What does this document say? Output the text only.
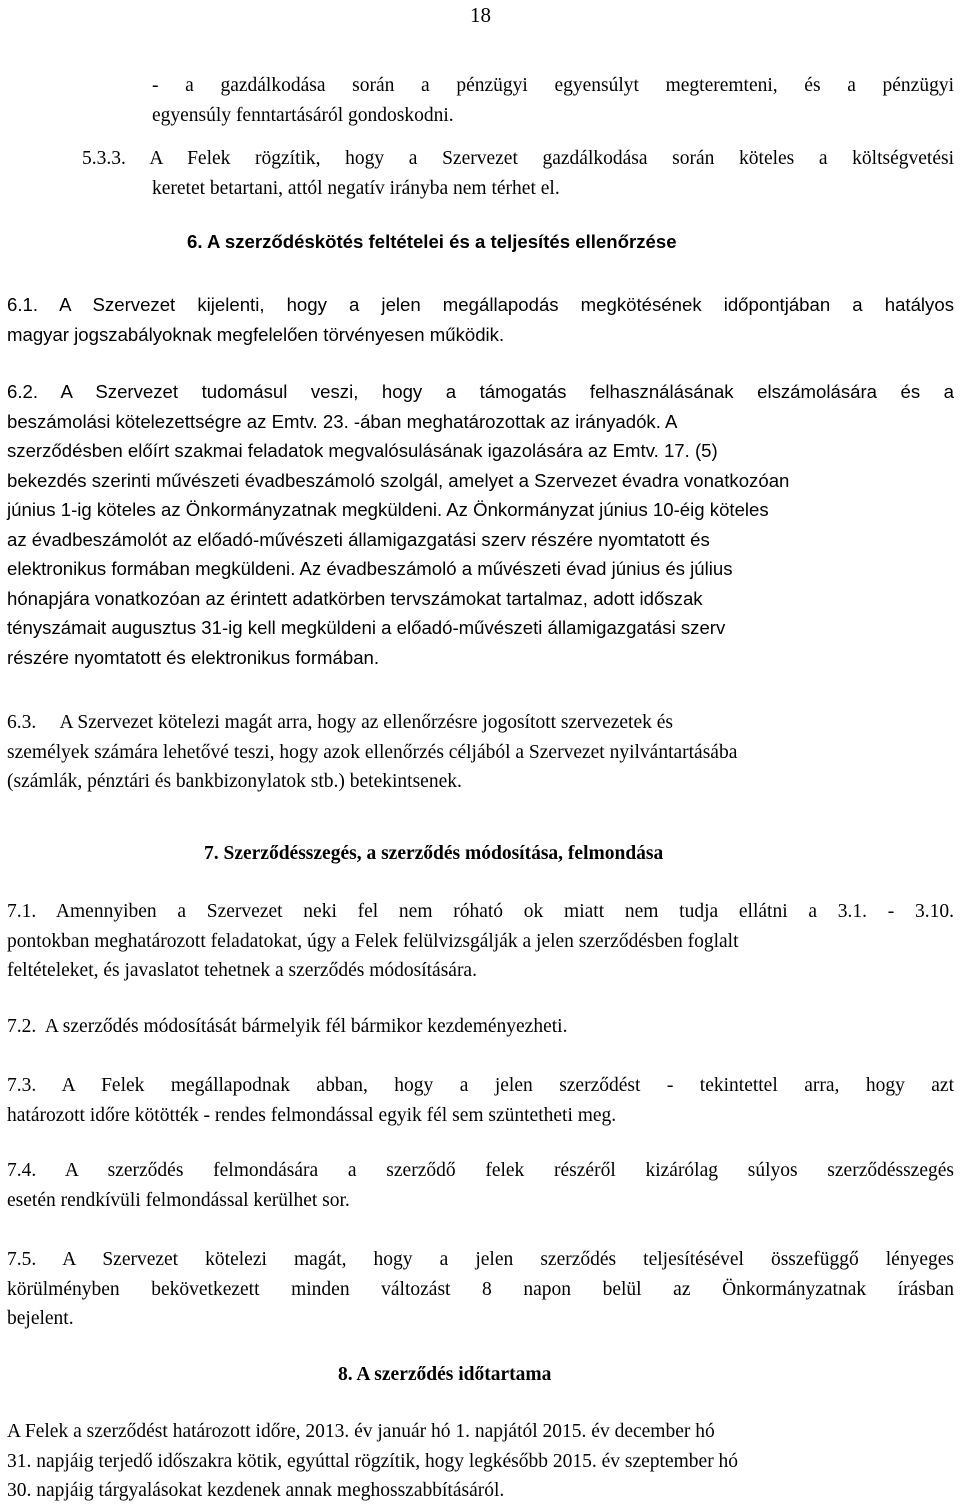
18
- a gazdálkodása során a pénzügyi egyensúlyt megteremteni, és a pénzügyi
egyensúly fenntartásáról gondoskodni.
5.3.3. A Felek rögzítik, hogy a Szervezet gazdálkodása során köteles a költségvetési
keretet betartani, attól negatív irányba nem térhet el.
6. A szerződéskötés feltételei és a teljesítés ellenőrzése
6.1. A Szervezet kijelenti, hogy a jelen megállapodás megkötésének időpontjában a hatályos
magyar jogszabályoknak megfelelően törvényesen működik.
6.2. A Szervezet tudomásul veszi, hogy a támogatás felhasználásának elszámolására és a
beszámolási kötelezettségre az Emtv. 23. -ában meghatározottak az irányadók. A
szerződésben előírt szakmai feladatok megvalósulásának igazolására az Emtv. 17. (5)
bekezdés szerinti művészeti évadbeszámoló szolgál, amelyet a Szervezet évadra vonatkozóan
június 1-ig köteles az Önkormányzatnak megküldeni. Az Önkormányzat június 10-éig köteles
az évadbeszámolót az előadó-művészeti államigazgatási szerv részére nyomtatott és
elektronikus formában megküldeni. Az évadbeszámoló a művészeti évad június és július
hónapjára vonatkozóan az érintett adatkörben tervszámokat tartalmaz, adott időszak
tényszámait augusztus 31-ig kell megküldeni a előadó-művészeti államigazgatási szerv
részére nyomtatott és elektronikus formában.
6.3.     A Szervezet kötelezi magát arra, hogy az ellenőrzésre jogosított szervezetek és
személyek számára lehetővé teszi, hogy azok ellenőrzés céljából a Szervezet nyilvántartásába
(számlák, pénztári és bankbizonylatok stb.) betekintsenek.
7. Szerződésszegés, a szerződés módosítása, felmondása
7.1. Amennyiben a Szervezet neki fel nem róható ok miatt nem tudja ellátni a 3.1. - 3.10.
pontokban meghatározott feladatokat, úgy a Felek felülvizsgálják a jelen szerződésben foglalt
feltételeket, és javaslatot tehetnek a szerződés módosítására.
7.2.  A szerződés módosítását bármelyik fél bármikor kezdeményezheti.
7.3. A Felek megállapodnak abban, hogy a jelen szerződést - tekintettel arra, hogy azt
határozott időre kötötték - rendes felmondással egyik fél sem szüntetheti meg.
7.4. A szerződés felmondására a szerződő felek részéről kizárólag súlyos szerződésszegés
esetén rendkívüli felmondással kerülhet sor.
7.5. A Szervezet kötelezi magát, hogy a jelen szerződés teljesítésével összefüggő lényeges
körülményben bekövetkezett minden változást 8 napon belül az Önkormányzatnak írásban
bejelent.
8. A szerződés időtartama
A Felek a szerződést határozott időre, 2013. év január hó 1. napjától 2015. év december hó
31. napjáig terjedő időszakra kötik, egyúttal rögzítik, hogy legkésőbb 2015. év szeptember hó
30. napjáig tárgyalásokat kezdenek annak meghosszabbításáról.
